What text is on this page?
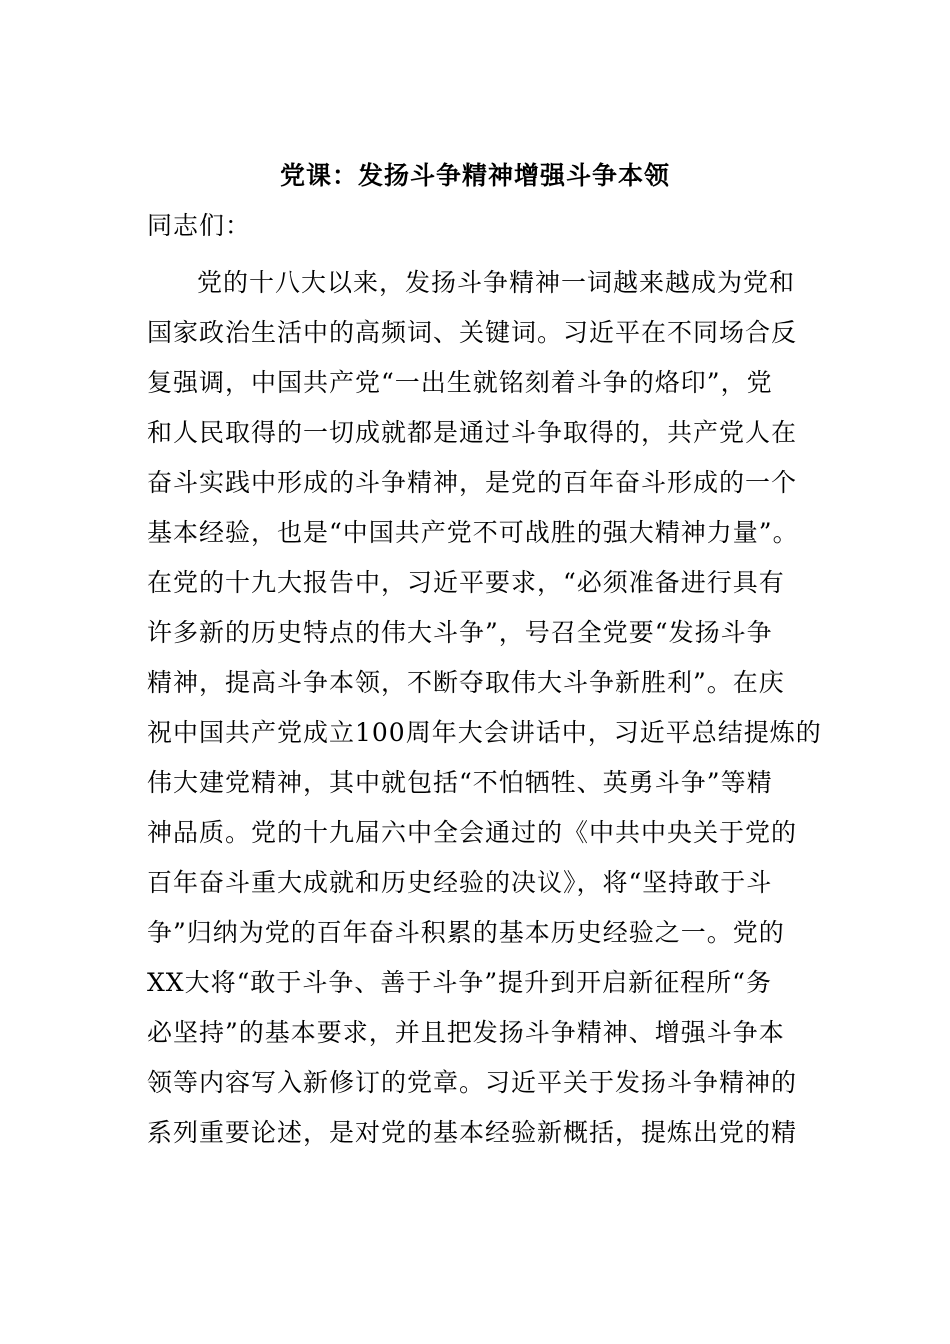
党课：发扬斗争精神增强斗争本领
同志们：
党的十八大以来，发扬斗争精神一词越来越成为党和
国家政治生活中的高频词、关键词。习近平在不同场合反
复强调，中国共产党“一出生就铭刻着斗争的烙印”，党
和人民取得的一切成就都是通过斗争取得的，共产党人在
奋斗实践中形成的斗争精神，是党的百年奋斗形成的一个
基本经验，也是“中国共产党不可战胜的强大精神力量”。
在党的十九大报告中，习近平要求，“必须准备进行具有
许多新的历史特点的伟大斗争”，号召全党要“发扬斗争
精神，提高斗争本领，不断夺取伟大斗争新胜利”。在庆
祝中国共产党成立100周年大会讲话中，习近平总结提炼的
伟大建党精神，其中就包括“不怕牺牲、英勇斗争”等精
神品质。党的十九届六中全会通过的《中共中央关于党的
百年奋斗重大成就和历史经验的决议》，将“坚持敢于斗
争”归纳为党的百年奋斗积累的基本历史经验之一。党的
XX大将“敢于斗争、善于斗争”提升到开启新征程所“务
必坚持”的基本要求，并且把发扬斗争精神、增强斗争本
领等内容写入新修订的党章。习近平关于发扬斗争精神的
系列重要论述，是对党的基本经验新概括，提炼出党的精
